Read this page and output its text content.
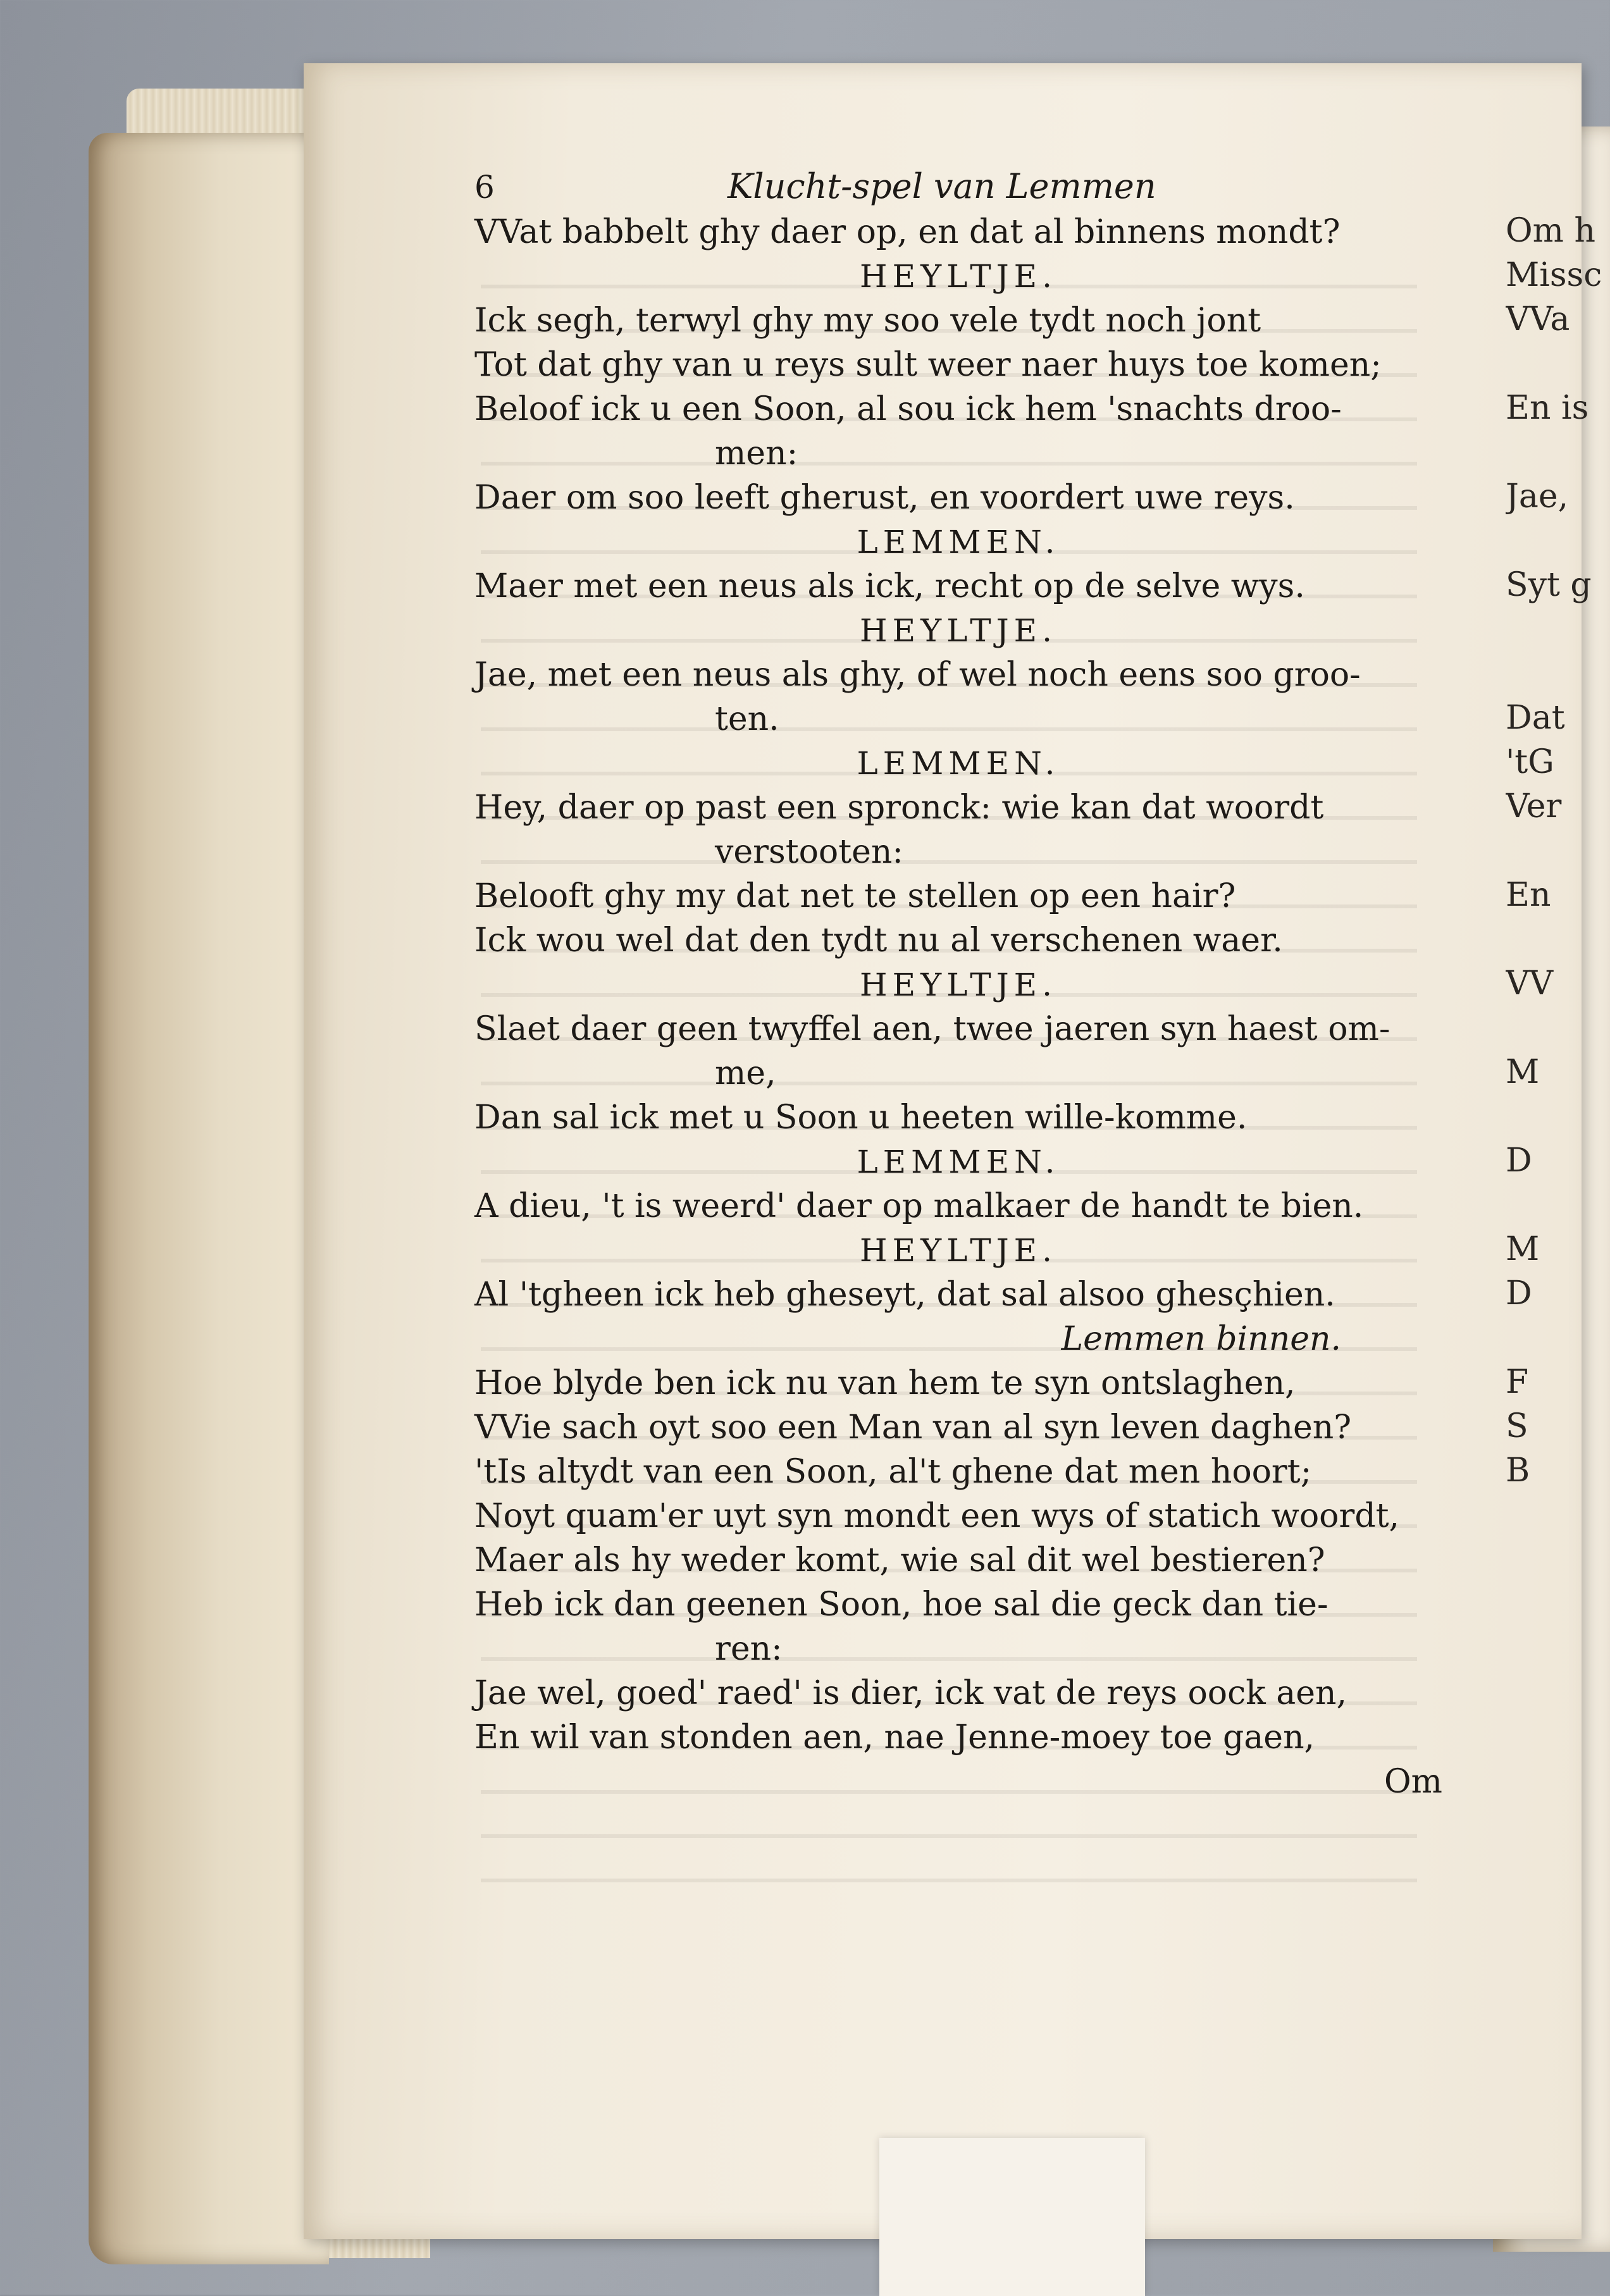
6	Klucht-spel van Lemmen
VVat babbelt ghy daer op, en dat al binnens mondt?
HEYLTJE.
Ick segh, terwyl ghy my soo vele tydt noch jont
Tot dat ghy van u reys sult weer naer huys toe komen;
Beloof ick u een Soon, al sou ick hem 'snachts droo-
men:
Daer om soo leeft gherust, en voordert uwe reys.
LEMMEN.
Maer met een neus als ick, recht op de selve wys.
HEYLTJE.
Jae, met een neus als ghy, of wel noch eens soo groo-
ten.
LEMMEN.
Hey, daer op past een spronck: wie kan dat woordt
verstooten:
Belooft ghy my dat net te stellen op een hair?
Ick wou wel dat den tydt nu al verschenen waer.
HEYLTJE.
Slaet daer geen twyffel aen, twee jaeren syn haest om-
me,
Dan sal ick met u Soon u heeten wille-komme.
LEMMEN.
A dieu, 't is weerd' daer op malkaer de handt te bien.
HEYLTJE.
Al 'tgheen ick heb gheseyt, dat sal alsoo ghesçhien.
Lemmen binnen.
Hoe blyde ben ick nu van hem te syn ontslaghen,
VVie sach oyt soo een Man van al syn leven daghen?
'tIs altydt van een Soon, al't ghene dat men hoort;
Noyt quam'er uyt syn mondt een wys of statich woordt,
Maer als hy weder komt, wie sal dit wel bestieren?
Heb ick dan geenen Soon, hoe sal die geck dan tie-
ren:
Jae wel, goed' raed' is dier, ick vat de reys oock aen,
En wil van stonden aen, nae Jenne-moey toe gaen,
Om
Om h
Missc
VVa
En is
Jae,
Syt g
Dat
'tG
Ver
En
VV
M
D
M
D
F
S
B
